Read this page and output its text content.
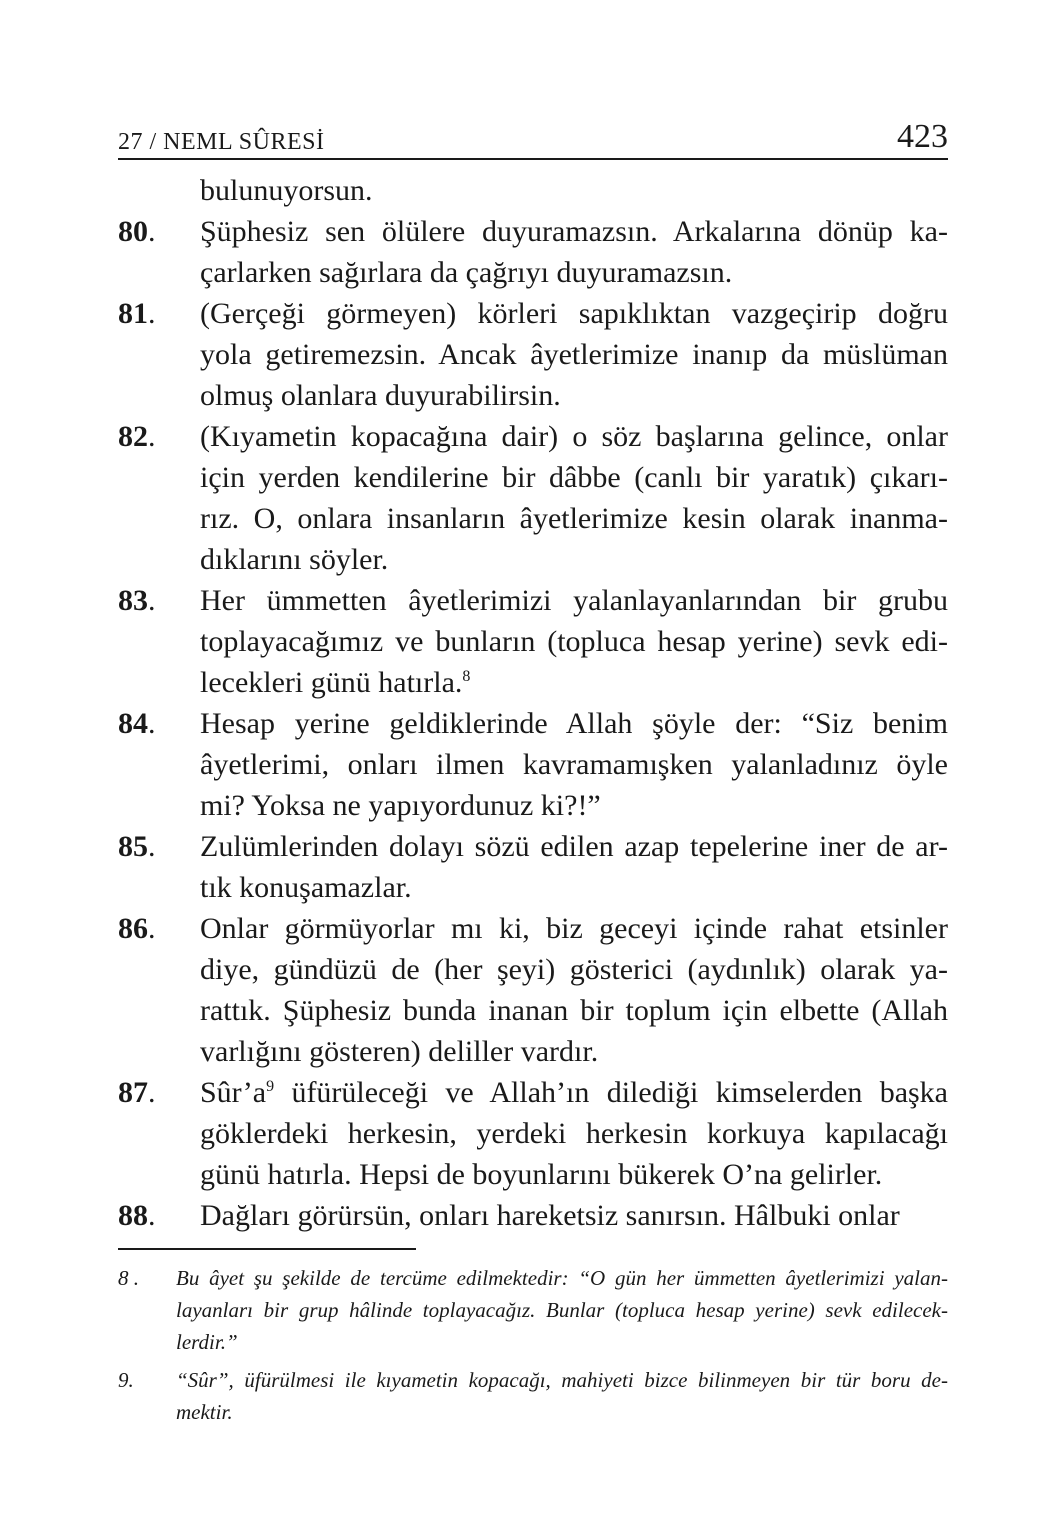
27 / NEML SÛRESİ	423
bulunuyorsun.
80.	Şüphesiz sen ölülere duyuramazsın. Arkalarına dönüp ka-
çarlarken sağırlara da çağrıyı duyuramazsın.
81.	(Gerçeği görmeyen) körleri sapıklıktan vazgeçirip doğru
yola getiremezsin. Ancak âyetlerimize inanıp da müslüman
olmuş olanlara duyurabilirsin.
82.	(Kıyametin kopacağına dair) o söz başlarına gelince, onlar
için yerden kendilerine bir dâbbe (canlı bir yaratık) çıkarı-
rız. O, onlara insanların âyetlerimize kesin olarak inanma-
dıklarını söyler.
83.	Her ümmetten âyetlerimizi yalanlayanlarından bir grubu
toplayacağımız ve bunların (topluca hesap yerine) sevk edi-
lecekleri günü hatırla.$^8$
84.	Hesap yerine geldiklerinde Allah şöyle der: “Siz benim
âyetlerimi, onları ilmen kavramamışken yalanladınız öyle
mi? Yoksa ne yapıyordunuz ki?!”
85.	Zulümlerinden dolayı sözü edilen azap tepelerine iner de ar-
tık konuşamazlar.
86.	Onlar görmüyorlar mı ki, biz geceyi içinde rahat etsinler
diye, gündüzü de (her şeyi) gösterici (aydınlık) olarak ya-
rattık. Şüphesiz bunda inanan bir toplum için elbette (Allah
varlığını gösteren) deliller vardır.
87.	$Sûr’a^9$ üfürüleceği ve Allah’ın dilediği kimselerden başka
göklerdeki herkesin, yerdeki herkesin korkuya kapılacağı
günü hatırla. Hepsi de boyunlarını bükerek O’na gelirler.
88.	Dağları görürsün, onları hareketsiz sanırsın. Hâlbuki onlar
8 .	Bu âyet şu şekilde de tercüme edilmektedir: “O gün her ümmetten âyetlerimizi yalan-
layanları bir grup hâlinde toplayacağız. Bunlar (topluca hesap yerine) sevk edilecek-
lerdir.”
9.	“Sûr”, üfürülmesi ile kıyametin kopacağı, mahiyeti bizce bilinmeyen bir tür boru de-
mektir.
